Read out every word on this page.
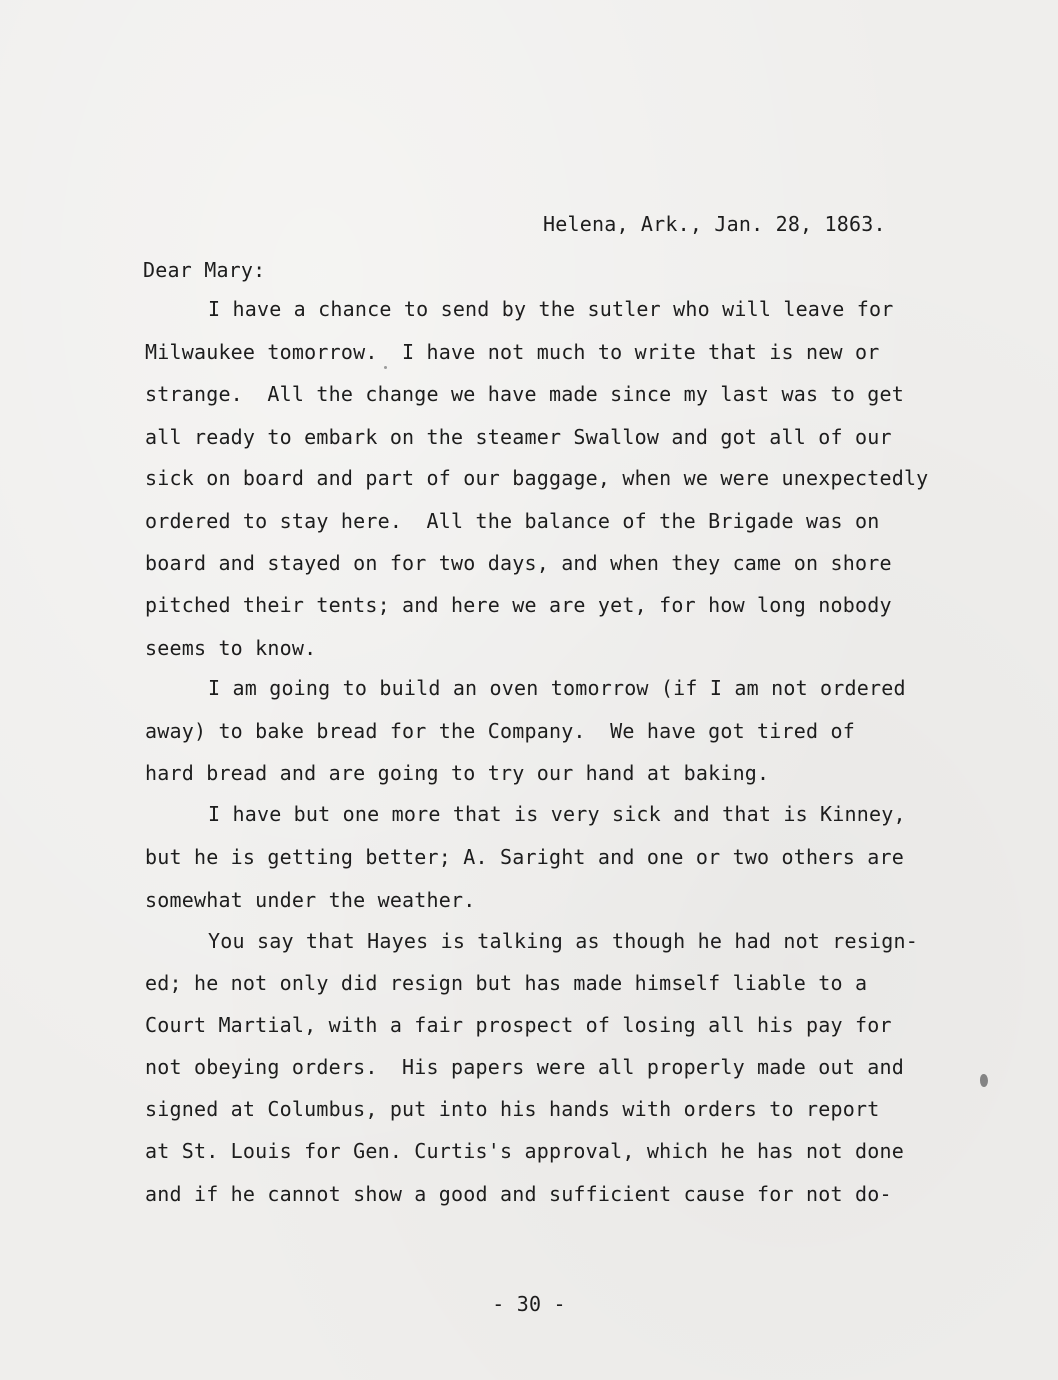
Helena, Ark., Jan. 28, 1863.
Dear Mary:
I have a chance to send by the sutler who will leave for
Milwaukee tomorrow.  I have not much to write that is new or
strange.  All the change we have made since my last was to get
all ready to embark on the steamer Swallow and got all of our
sick on board and part of our baggage, when we were unexpectedly
ordered to stay here.  All the balance of the Brigade was on
board and stayed on for two days, and when they came on shore
pitched their tents; and here we are yet, for how long nobody
seems to know.
I am going to build an oven tomorrow (if I am not ordered
away) to bake bread for the Company.  We have got tired of
hard bread and are going to try our hand at baking.
I have but one more that is very sick and that is Kinney,
but he is getting better; A. Saright and one or two others are
somewhat under the weather.
You say that Hayes is talking as though he had not resign-
ed; he not only did resign but has made himself liable to a
Court Martial, with a fair prospect of losing all his pay for
not obeying orders.  His papers were all properly made out and
signed at Columbus, put into his hands with orders to report
at St. Louis for Gen. Curtis's approval, which he has not done
and if he cannot show a good and sufficient cause for not do-
- 30 -
